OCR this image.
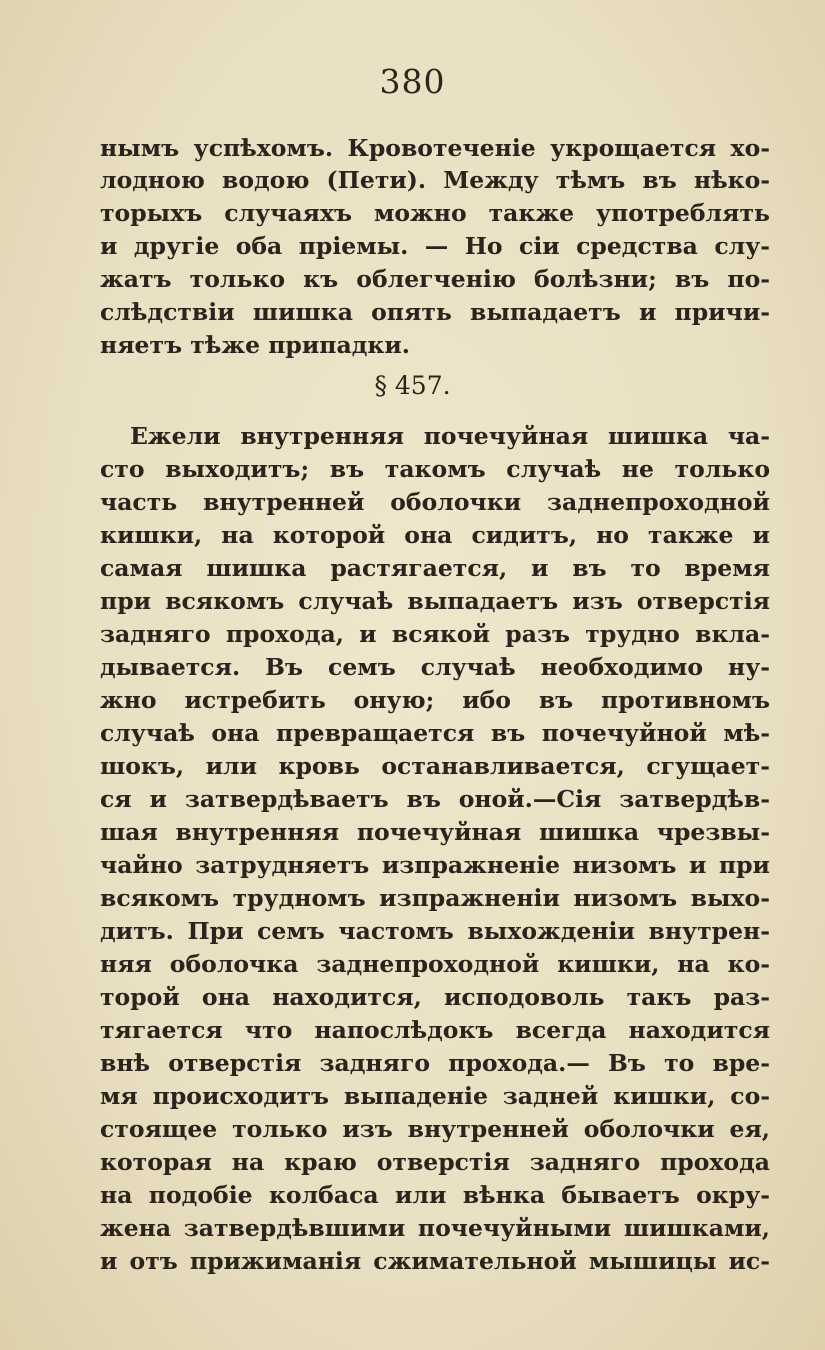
380
нымъ успѣхомъ. Кровотеченіе укрощается хо-
лодною водою (Пети). Между тѣмъ въ нѣко-
торыхъ случаяхъ можно также употреблять
и другіе оба пріемы. — Но сіи средства слу-
жатъ только къ облегченію болѣзни; въ по-
слѣдствіи шишка опять выпадаетъ и причи-
няетъ тѣже припадки.
§ 457.
Ежели внутренняя почечуйная шишка ча-
сто выходитъ; въ такомъ случаѣ не только
часть внутренней оболочки заднепроходной
кишки, на которой она сидитъ, но также и
самая шишка растягается, и въ то время
при всякомъ случаѣ выпадаетъ изъ отверстія
задняго прохода, и всякой разъ трудно вкла-
дывается. Въ семъ случаѣ необходимо ну-
жно истребить оную; ибо въ противномъ
случаѣ она превращается въ почечуйной мѣ-
шокъ, или кровь останавливается, сгущает-
ся и затвердѣваетъ въ оной.—Сія затвердѣв-
шая внутренняя почечуйная шишка чрезвы-
чайно затрудняетъ изпражненіе низомъ и при
всякомъ трудномъ изпражненіи низомъ выхо-
дитъ. При семъ частомъ выхожденіи внутрен-
няя оболочка заднепроходной кишки, на ко-
торой она находится, исподоволь такъ раз-
тягается что напослѣдокъ всегда находится
внѣ отверстія задняго прохода.— Въ то вре-
мя происходитъ выпаденіе задней кишки, со-
стоящее только изъ внутренней оболочки ея,
которая на краю отверстія задняго прохода
на подобіе колбаса или вѣнка бываетъ окру-
жена затвердѣвшими почечуйными шишками,
и отъ прижиманія сжимательной мышицы ис-
